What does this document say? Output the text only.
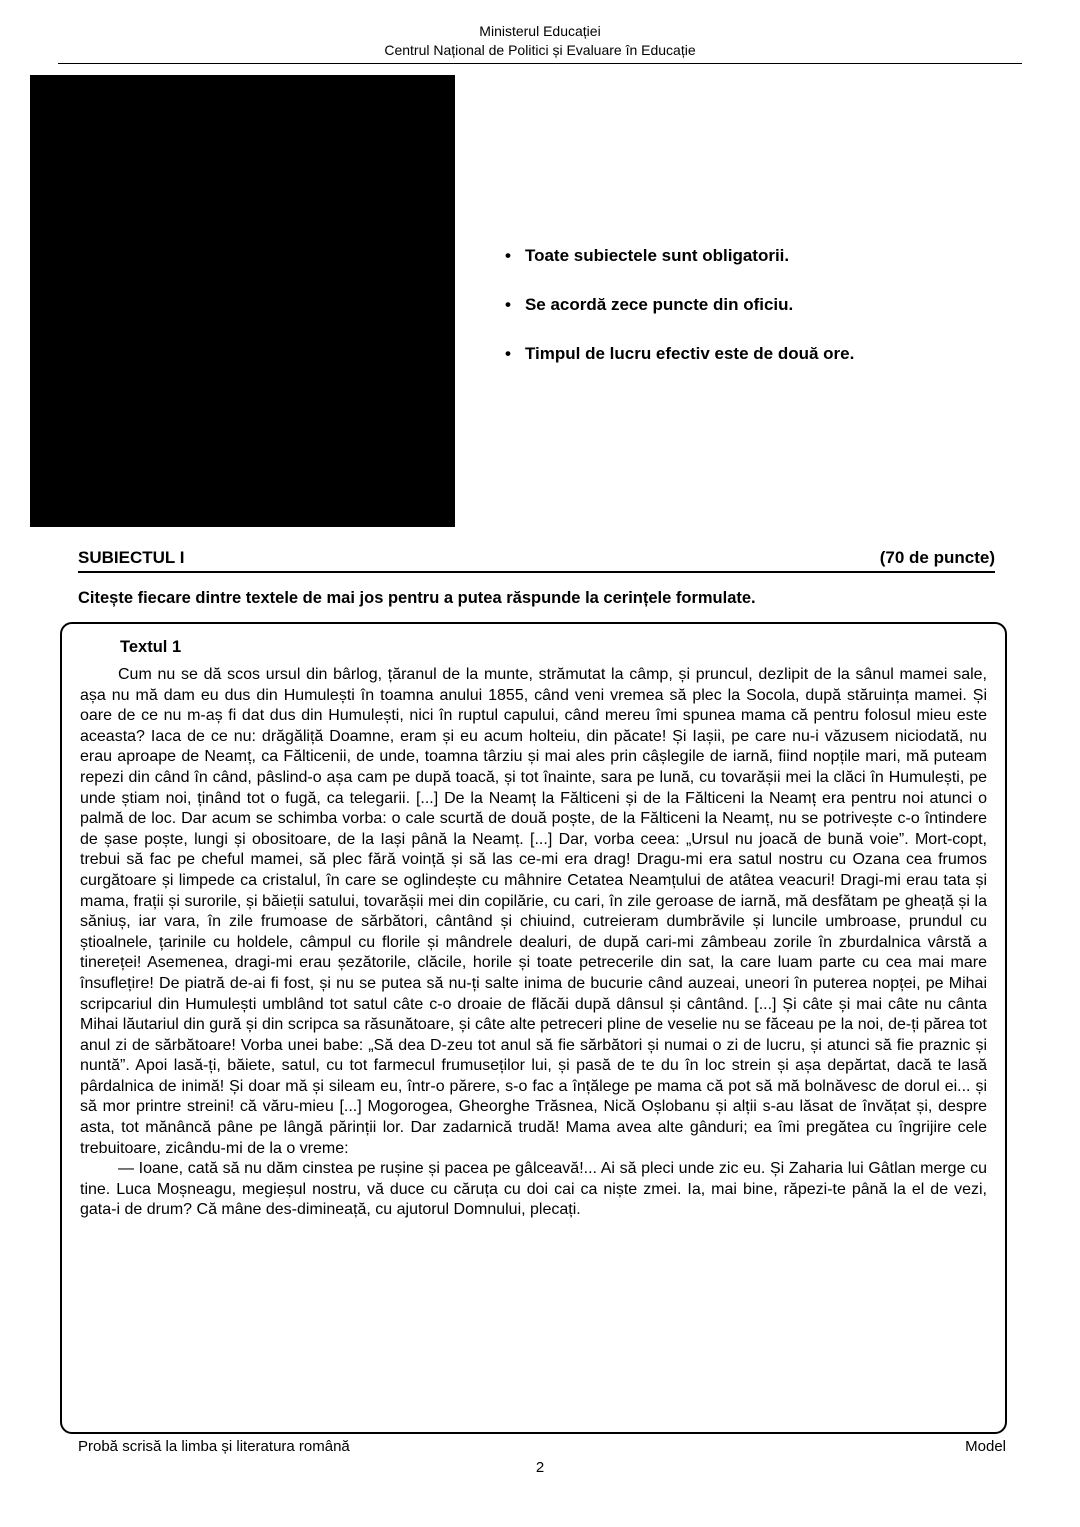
Ministerul Educației
Centrul Național de Politici și Evaluare în Educație
• Toate subiectele sunt obligatorii.
• Se acordă zece puncte din oficiu.
• Timpul de lucru efectiv este de două ore.
SUBIECTUL I	(70 de puncte)
Citește fiecare dintre textele de mai jos pentru a putea răspunde la cerințele formulate.
Textul 1

Cum nu se dă scos ursul din bârlog, țăranul de la munte, strămutat la câmp, și pruncul, dezlipit de la sânul mamei sale, așa nu mă dam eu dus din Humulești în toamna anului 1855, când veni vremea să plec la Socola, după stăruința mamei. Și oare de ce nu m-aș fi dat dus din Humulești, nici în ruptul capului, când mereu îmi spunea mama că pentru folosul mieu este aceasta? Iaca de ce nu: drăgăliță Doamne, eram și eu acum holteiu, din păcate! Și Iașii, pe care nu-i văzusem niciodată, nu erau aproape de Neamț, ca Fălticenii, de unde, toamna târziu și mai ales prin câșlegile de iarnă, fiind nopțile mari, mă puteam repezi din când în când, pâslind-o așa cam pe după toacă, și tot înainte, sara pe lună, cu tovarășii mei la clăci în Humulești, pe unde știam noi, ținând tot o fugă, ca telegarii. [...] De la Neamț la Fălticeni și de la Fălticeni la Neamț era pentru noi atunci o palmă de loc. Dar acum se schimba vorba: o cale scurtă de două poște, de la Fălticeni la Neamț, nu se potrivește c-o întindere de șase poște, lungi și obositoare, de la Iași până la Neamț. [...] Dar, vorba ceea: „Ursul nu joacă de bună voie”. Mort-copt, trebui să fac pe cheful mamei, să plec fără voință și să las ce-mi era drag! Dragu-mi era satul nostru cu Ozana cea frumos curgătoare și limpede ca cristalul, în care se oglindește cu mâhnire Cetatea Neamțului de atâtea veacuri! Dragi-mi erau tata și mama, frații și surorile, și băieții satului, tovarășii mei din copilărie, cu cari, în zile geroase de iarnă, mă desfătam pe gheață și la săniuș, iar vara, în zile frumoase de sărbători, cântând și chiuind, cutreieram dumbrăvile și luncile umbroase, prundul cu știoalnele, țarinile cu holdele, câmpul cu florile și mândrele dealuri, de după cari-mi zâmbeau zorile în zburdalnica vârstă a tinereței! Asemenea, dragi-mi erau șezătorile, clăcile, horile și toate petrecerile din sat, la care luam parte cu cea mai mare însuflețire! De piatră de-ai fi fost, și nu se putea să nu-ți salte inima de bucurie când auzeai, uneori în puterea nopței, pe Mihai scripcariul din Humulești umblând tot satul câte c-o droaie de flăcăi după dânsul și cântând. [...] Și câte și mai câte nu cânta Mihai lăutariul din gură și din scripca sa răsunătoare, și câte alte petreceri pline de veselie nu se făceau pe la noi, de-ți părea tot anul zi de sărbătoare! Vorba unei babe: „Să dea D-zeu tot anul să fie sărbători și numai o zi de lucru, și atunci să fie praznic și nuntă”. Apoi lasă-ți, băiete, satul, cu tot farmecul frumuseților lui, și pasă de te du în loc strein și așa depărtat, dacă te lasă pârdalnica de inimă! Și doar mă și sileam eu, într-o părere, s-o fac a înțălege pe mama că pot să mă bolnăvesc de dorul ei... și să mor printre streini! că văru-mieu [...] Mogorogea, Gheorghe Trăsnea, Nică Oșlobanu și alții s-au lăsat de învățat și, despre asta, tot mănâncă pâne pe lângă părinții lor. Dar zadarnică trudă! Mama avea alte gânduri; ea îmi pregătea cu îngrijire cele trebuitoare, zicându-mi de la o vreme:

— Ioane, cată să nu dăm cinstea pe rușine și pacea pe gâlceavă!... Ai să pleci unde zic eu. Și Zaharia lui Gâtlan merge cu tine. Luca Moșneagu, megieșul nostru, vă duce cu căruța cu doi cai ca niște zmei. Ia, mai bine, răpezi-te până la el de vezi, gata-i de drum? Că mâne des-dimineață, cu ajutorul Domnului, plecați.

Probă scrisă la limba și literatura română	Model
2
